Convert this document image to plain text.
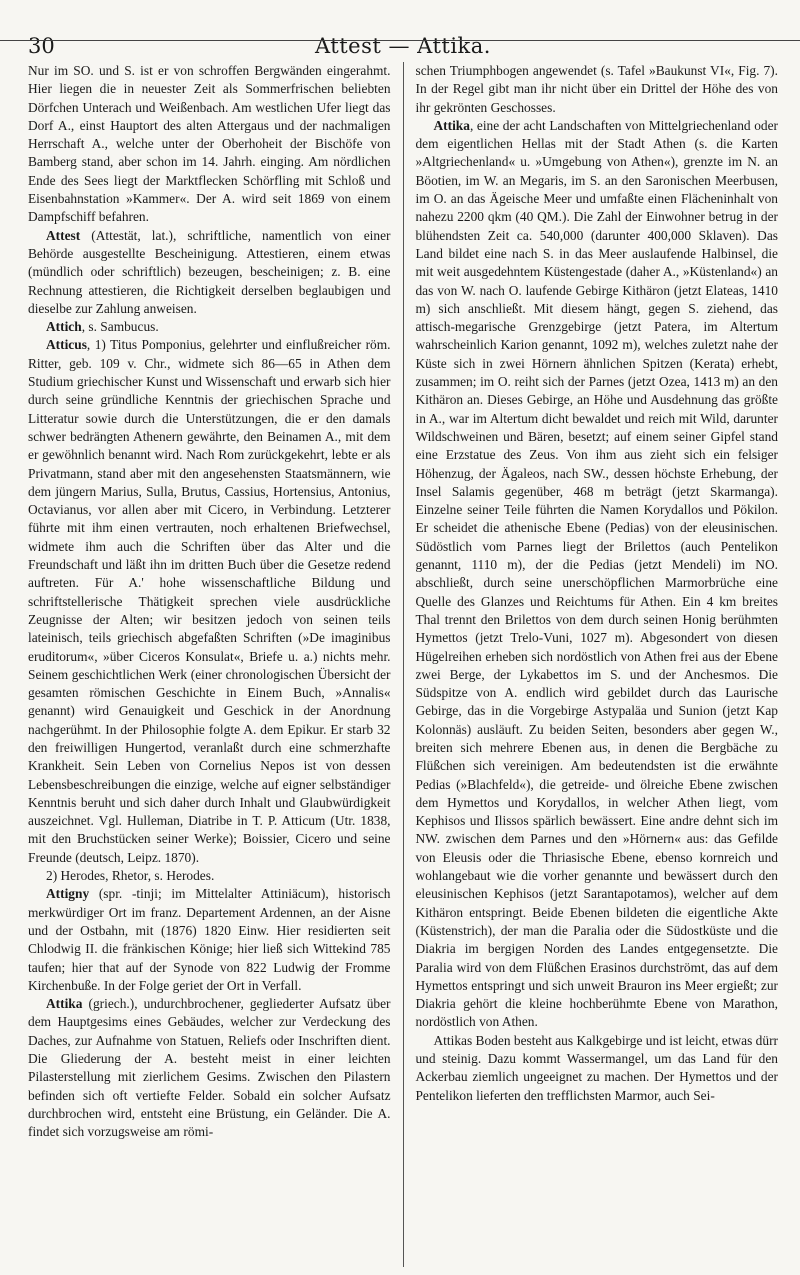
30	Attest — Attika.

Nur im SO. und S. ist er von schroffen Bergwänden eingerahmt. Hier liegen die in neuester Zeit als Sommerfrischen beliebten Dörfchen Unterach und Weißenbach. Am westlichen Ufer liegt das Dorf A., einst Hauptort des alten Attergaus und der nachmaligen Herrschaft A., welche unter der Oberhoheit der Bischöfe von Bamberg stand, aber schon im 14. Jahrh. einging. Am nördlichen Ende des Sees liegt der Marktflecken Schörfling mit Schloß und Eisenbahnstation »Kammer«. Der A. wird seit 1869 von einem Dampfschiff befahren.

Attest (Attestät, lat.), schriftliche, namentlich von einer Behörde ausgestellte Bescheinigung. Attestieren, einem etwas (mündlich oder schriftlich) bezeugen, bescheinigen; z. B. eine Rechnung attestieren, die Richtigkeit derselben beglaubigen und dieselbe zur Zahlung anweisen.

Attich, s. Sambucus.

Atticus, 1) Titus Pomponius, gelehrter und einflußreicher röm. Ritter, geb. 109 v. Chr., widmete sich 86—65 in Athen dem Studium griechischer Kunst und Wissenschaft und erwarb sich hier durch seine gründliche Kenntnis der griechischen Sprache und Litteratur sowie durch die Unterstützungen, die er den damals schwer bedrängten Athenern gewährte, den Beinamen A., mit dem er gewöhnlich benannt wird. Nach Rom zurückgekehrt, lebte er als Privatmann, stand aber mit den angesehensten Staatsmännern, wie dem jüngern Marius, Sulla, Brutus, Cassius, Hortensius, Antonius, Octavianus, vor allen aber mit Cicero, in Verbindung. Letzterer führte mit ihm einen vertrauten, noch erhaltenen Briefwechsel, widmete ihm auch die Schriften über das Alter und die Freundschaft und läßt ihn im dritten Buch über die Gesetze redend auftreten. Für A.' hohe wissenschaftliche Bildung und schriftstellerische Thätigkeit sprechen viele ausdrückliche Zeugnisse der Alten; wir besitzen jedoch von seinen teils lateinisch, teils griechisch abgefaßten Schriften (»De imaginibus eruditorum«, »über Ciceros Konsulat«, Briefe u. a.) nichts mehr. Seinem geschichtlichen Werk (einer chronologischen Übersicht der gesamten römischen Geschichte in Einem Buch, »Annalis« genannt) wird Genauigkeit und Geschick in der Anordnung nachgerühmt. In der Philosophie folgte A. dem Epikur. Er starb 32 den freiwilligen Hungertod, veranlaßt durch eine schmerzhafte Krankheit. Sein Leben von Cornelius Nepos ist von dessen Lebensbeschreibungen die einzige, welche auf eigner selbständiger Kenntnis beruht und sich daher durch Inhalt und Glaubwürdigkeit auszeichnet. Vgl. Hulleman, Diatribe in T. P. Atticum (Utr. 1838, mit den Bruchstücken seiner Werke); Boissier, Cicero und seine Freunde (deutsch, Leipz. 1870).

2) Herodes, Rhetor, s. Herodes.

Attigny (spr. -tinji; im Mittelalter Attiniäcum), historisch merkwürdiger Ort im franz. Departement Ardennen, an der Aisne und der Ostbahn, mit (1876) 1820 Einw. Hier residierten seit Chlodwig II. die fränkischen Könige; hier ließ sich Wittekind 785 taufen; hier that auf der Synode von 822 Ludwig der Fromme Kirchenbuße. In der Folge geriet der Ort in Verfall.

Attika (griech.), undurchbrochener, gegliederter Aufsatz über dem Hauptgesims eines Gebäudes, welcher zur Verdeckung des Daches, zur Aufnahme von Statuen, Reliefs oder Inschriften dient. Die Gliederung der A. besteht meist in einer leichten Pilasterstellung mit zierlichem Gesims. Zwischen den Pilastern befinden sich oft vertiefte Felder. Sobald ein solcher Aufsatz durchbrochen wird, entsteht eine Brüstung, ein Geländer. Die A. findet sich vorzugsweise am römi-

schen Triumphbogen angewendet (s. Tafel »Baukunst VI«, Fig. 7). In der Regel gibt man ihr nicht über ein Drittel der Höhe des von ihr gekrönten Geschosses.

Attika, eine der acht Landschaften von Mittelgriechenland oder dem eigentlichen Hellas mit der Stadt Athen (s. die Karten »Altgriechenland« u. »Umgebung von Athen«), grenzte im N. an Böotien, im W. an Megaris, im S. an den Saronischen Meerbusen, im O. an das Ägeische Meer und umfaßte einen Flächeninhalt von nahezu 2200 qkm (40 QM.). Die Zahl der Einwohner betrug in der blühendsten Zeit ca. 540,000 (darunter 400,000 Sklaven). Das Land bildet eine nach S. in das Meer auslaufende Halbinsel, die mit weit ausgedehntem Küstengestade (daher A., »Küstenland«) an das von W. nach O. laufende Gebirge Kithäron (jetzt Elateas, 1410 m) sich anschließt. Mit diesem hängt, gegen S. ziehend, das attisch-megarische Grenzgebirge (jetzt Patera, im Altertum wahrscheinlich Karion genannt, 1092 m), welches zuletzt nahe der Küste sich in zwei Hörnern ähnlichen Spitzen (Kerata) erhebt, zusammen; im O. reiht sich der Parnes (jetzt Ozea, 1413 m) an den Kithäron an. Dieses Gebirge, an Höhe und Ausdehnung das größte in A., war im Altertum dicht bewaldet und reich mit Wild, darunter Wildschweinen und Bären, besetzt; auf einem seiner Gipfel stand eine Erzstatue des Zeus. Von ihm aus zieht sich ein felsiger Höhenzug, der Ägaleos, nach SW., dessen höchste Erhebung, der Insel Salamis gegenüber, 468 m beträgt (jetzt Skarmanga). Einzelne seiner Teile führten die Namen Korydallos und Pökilon. Er scheidet die athenische Ebene (Pedias) von der eleusinischen. Südöstlich vom Parnes liegt der Brilettos (auch Pentelikon genannt, 1110 m), der die Pedias (jetzt Mendeli) im NO. abschließt, durch seine unerschöpflichen Marmorbrüche eine Quelle des Glanzes und Reichtums für Athen. Ein 4 km breites Thal trennt den Brilettos von dem durch seinen Honig berühmten Hymettos (jetzt Trelo-Vuni, 1027 m). Abgesondert von diesen Hügelreihen erheben sich nordöstlich von Athen frei aus der Ebene zwei Berge, der Lykabettos im S. und der Anchesmos. Die Südspitze von A. endlich wird gebildet durch das Laurische Gebirge, das in die Vorgebirge Astypaläa und Sunion (jetzt Kap Kolonnäs) ausläuft. Zu beiden Seiten, besonders aber gegen W., breiten sich mehrere Ebenen aus, in denen die Bergbäche zu Flüßchen sich vereinigen. Am bedeutendsten ist die erwähnte Pedias (»Blachfeld«), die getreide- und ölreiche Ebene zwischen dem Hymettos und Korydallos, in welcher Athen liegt, vom Kephisos und Ilissos spärlich bewässert. Eine andre dehnt sich im NW. zwischen dem Parnes und den »Hörnern« aus: das Gefilde von Eleusis oder die Thriasische Ebene, ebenso kornreich und wohlangebaut wie die vorher genannte und bewässert durch den eleusinischen Kephisos (jetzt Sarantapotamos), welcher auf dem Kithäron entspringt. Beide Ebenen bildeten die eigentliche Akte (Küstenstrich), der man die Paralia oder die Südostküste und die Diakria im bergigen Norden des Landes entgegensetzte. Die Paralia wird von dem Flüßchen Erasinos durchströmt, das auf dem Hymettos entspringt und sich unweit Brauron ins Meer ergießt; zur Diakria gehört die kleine hochberühmte Ebene von Marathon, nordöstlich von Athen.

Attikas Boden besteht aus Kalkgebirge und ist leicht, etwas dürr und steinig. Dazu kommt Wassermangel, um das Land für den Ackerbau ziemlich ungeeignet zu machen. Der Hymettos und der Pentelikon lieferten den trefflichsten Marmor, auch Sei-
